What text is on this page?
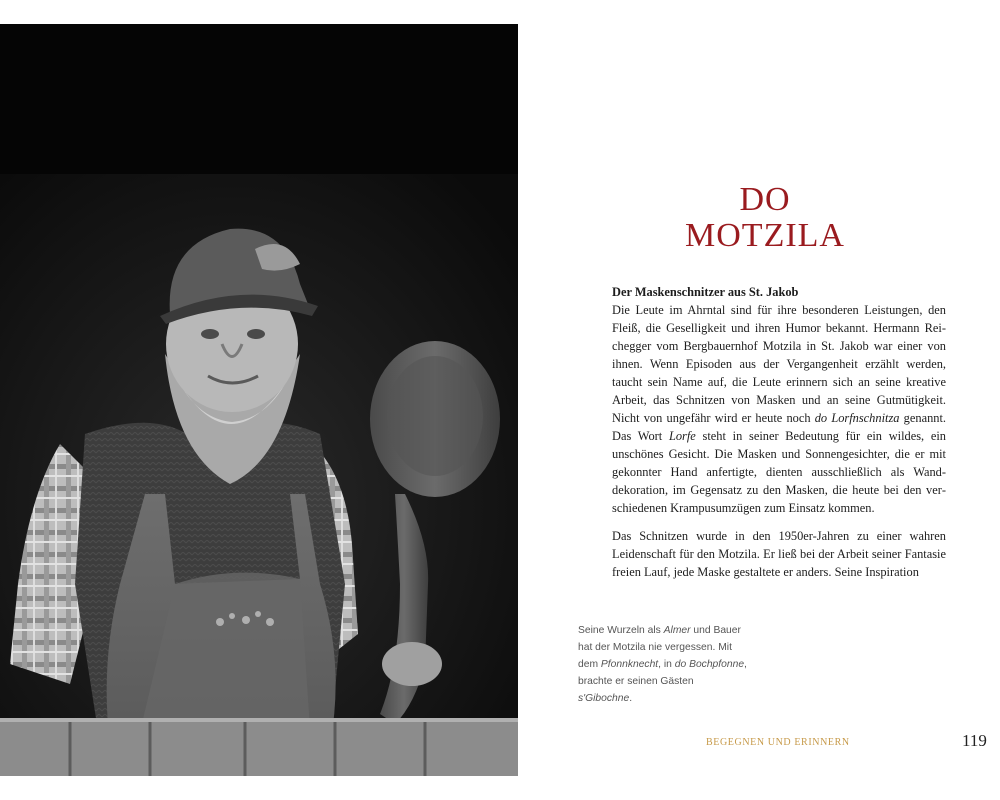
DO
MOTZILA

Der Maskenschnitzer aus St. Jakob
Die Leute im Ahrntal sind für ihre besonderen Leistungen, den Fleiß, die Geselligkeit und ihren Humor bekannt. Hermann Reichegger vom Bergbauernhof Motzila in St. Jakob war einer von ihnen. Wenn Episoden aus der Vergangenheit erzählt werden, taucht sein Name auf, die Leute erinnern sich an seine kreative Arbeit, das Schnitzen von Masken und an seine Gutmütigkeit. Nicht von ungefähr wird er heute noch do Lorfnschnitza genannt. Das Wort Lorfe steht in seiner Bedeutung für ein wildes, ein unschönes Gesicht. Die Masken und Sonnengesichter, die er mit gekonnter Hand anfertigte, dienten ausschließlich als Wanddekoration, im Gegensatz zu den Masken, die heute bei den verschiedenen Krampusumzügen zum Einsatz kommen.

Das Schnitzen wurde in den 1950er-Jahren zu einer wahren Leidenschaft für den Motzila. Er ließ bei der Arbeit seiner Fantasie freien Lauf, jede Maske gestaltete er anders. Seine Inspiration

Seine Wurzeln als Almer und Bauer hat der Motzila nie vergessen. Mit dem Pfonnknecht, in do Bochpfonne, brachte er seinen Gästen s'Gibochne.
BEGEGNEN UND ERINNERN	119
